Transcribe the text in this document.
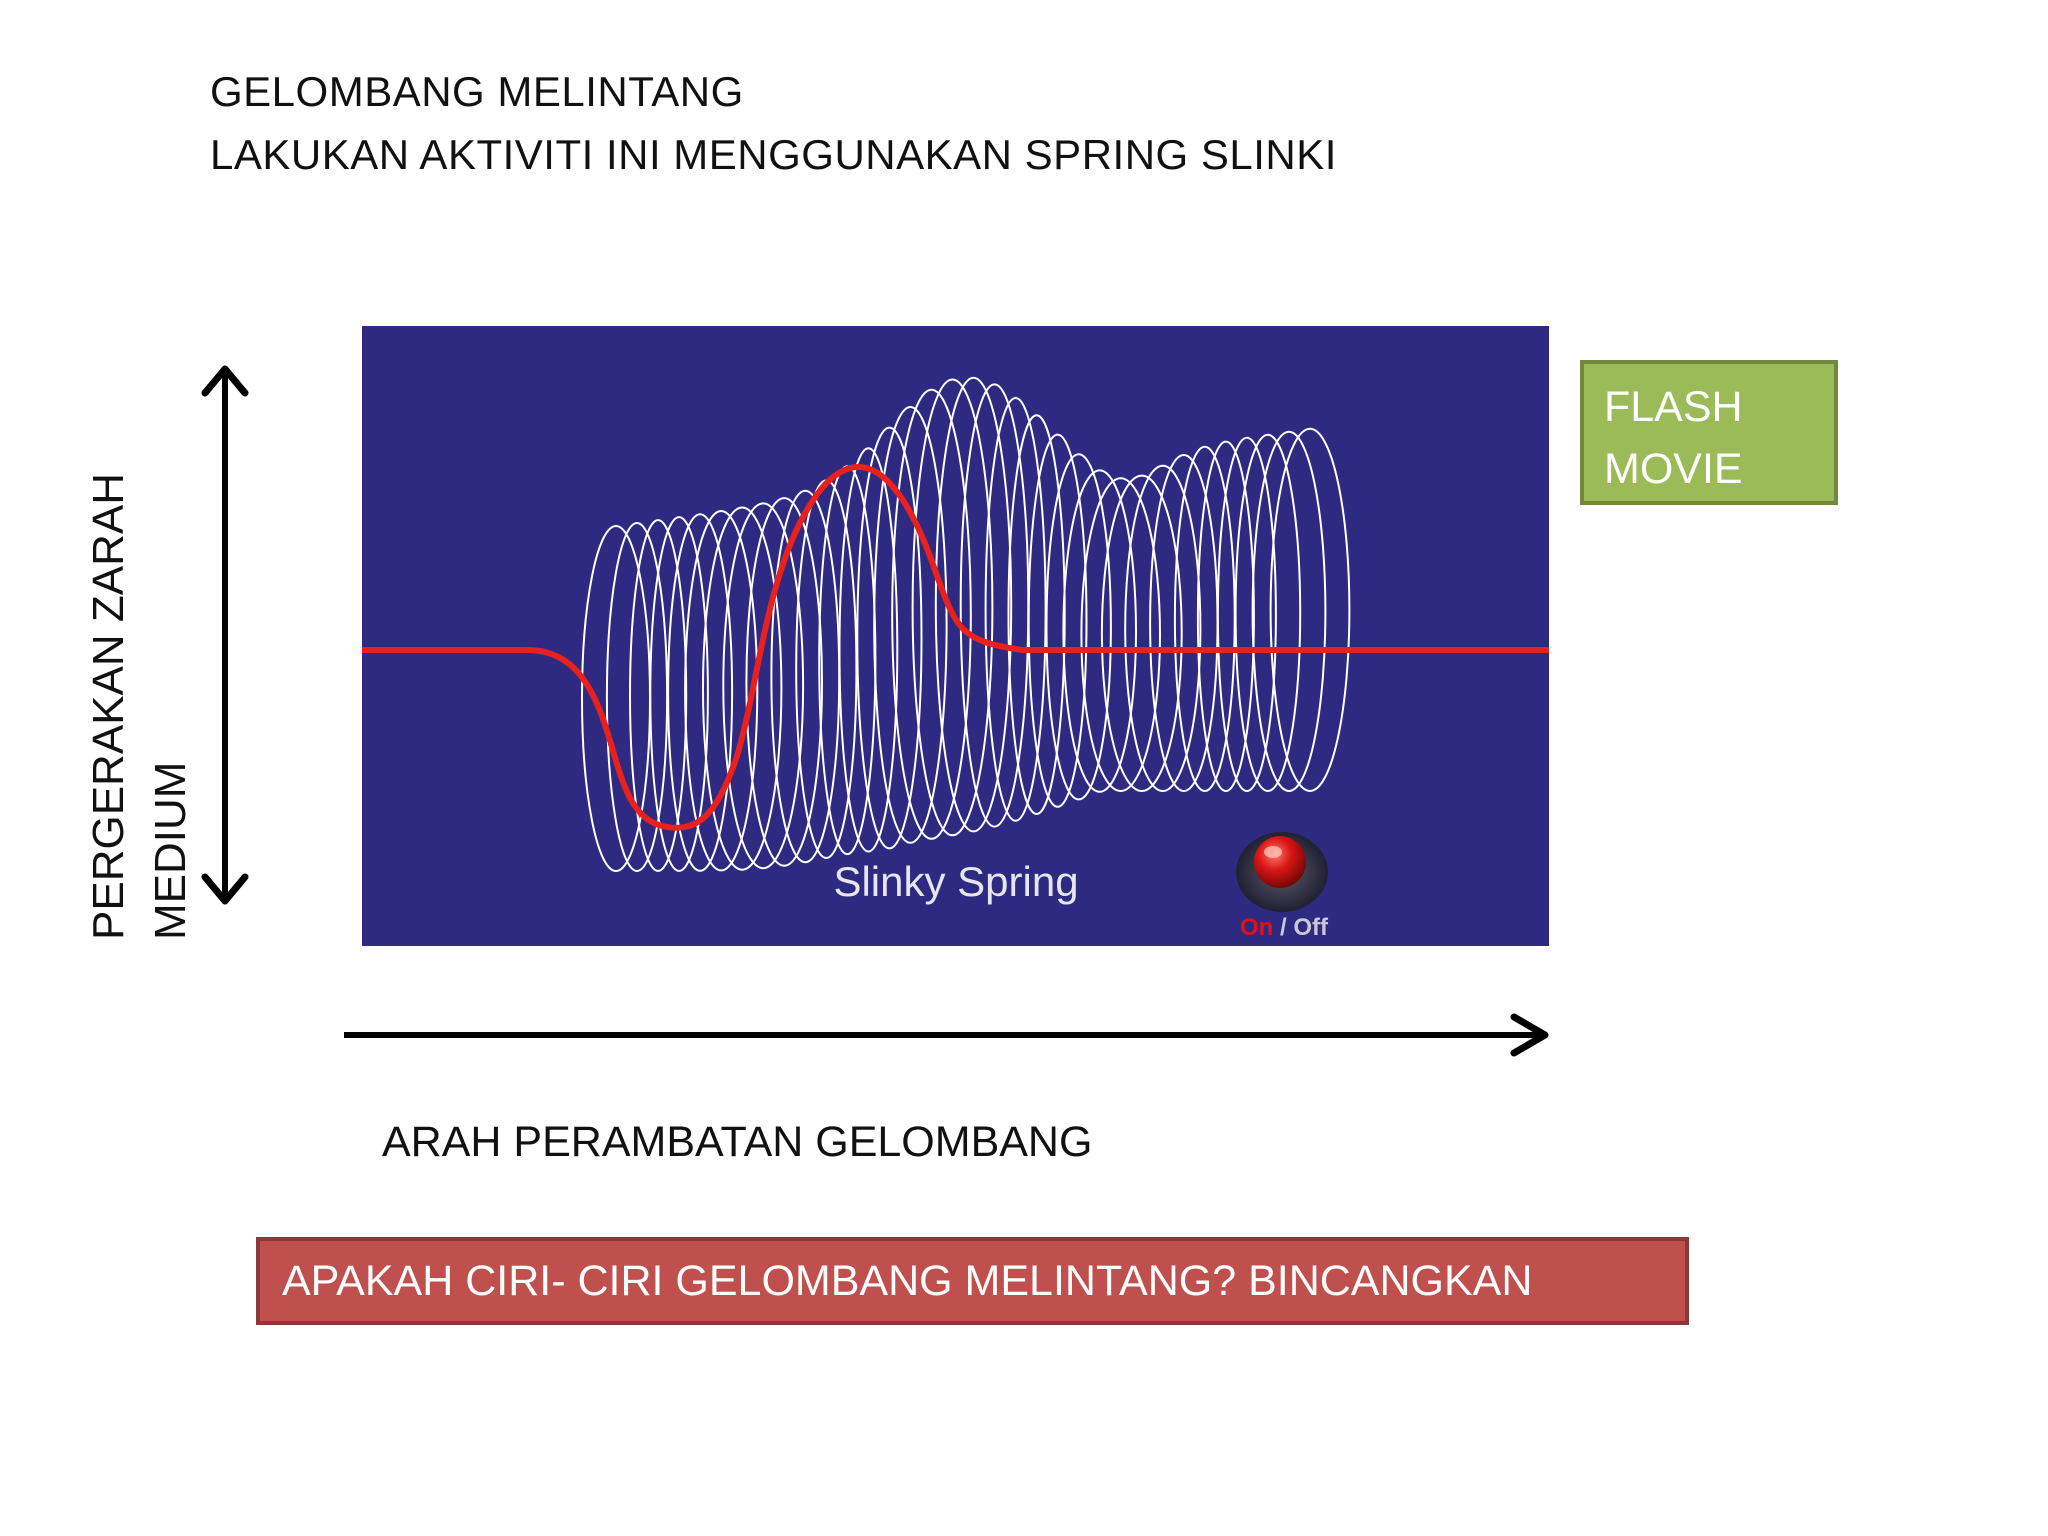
GELOMBANG MELINTANG
LAKUKAN AKTIVITI INI MENGGUNAKAN SPRING SLINKI
Slinky Spring
On / Off
FLASH
MOVIE
PERGERAKAN ZARAH MEDIUM
ARAH PERAMBATAN GELOMBANG
APAKAH CIRI- CIRI GELOMBANG MELINTANG? BINCANGKAN
